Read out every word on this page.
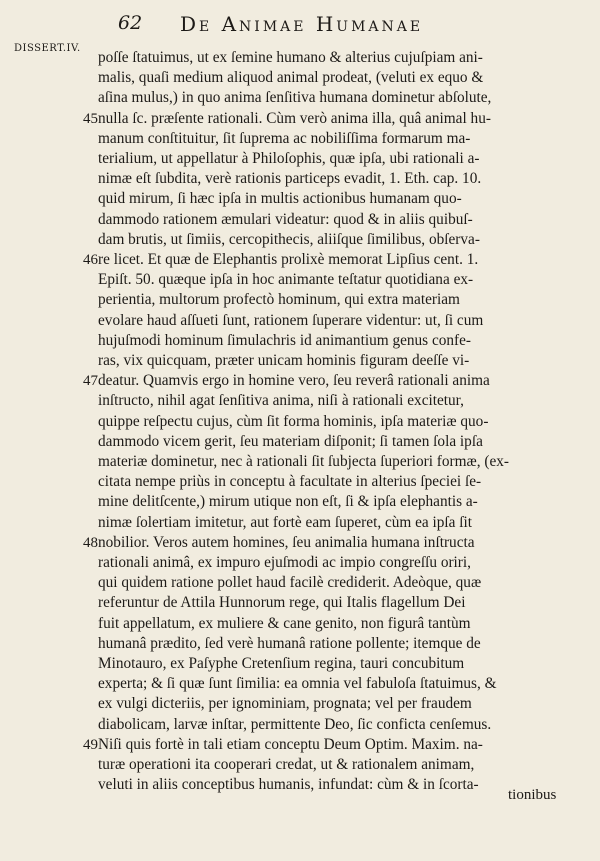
62 De Animae Humanae
DISSERT.IV.
poſſe ſtatuimus, ut ex ſemine humano & alterius cujuſpiam ani-
malis, quaſi medium aliquod animal prodeat, (veluti ex equo &
aſina mulus,) in quo anima ſenſitiva humana dominetur abſolute,
nulla ſc. præſente rationali. Cùm verò anima illa, quâ animal hu-
45
manum conſtituitur, ſit ſuprema ac nobiliſſima formarum ma-
terialium, ut appellatur à Philoſophis, quæ ipſa, ubi rationali a-
nimæ eſt ſubdita, verè rationis particeps evadit, 1. Eth. cap. 10.
quid mirum, ſi hæc ipſa in multis actionibus humanam quo-
dammodo rationem æmulari videatur: quod & in aliis quibuſ-
dam brutis, ut ſimiis, cercopithecis, aliiſque ſimilibus, obſerva-
re licet. Et quæ de Elephantis prolixè memorat Lipſius cent. 1.
46
Epiſt. 50. quæque ipſa in hoc animante teſtatur quotidiana ex-
perientia, multorum profectò hominum, qui extra materiam
evolare haud aſſueti ſunt, rationem ſuperare videntur: ut, ſi cum
hujuſmodi hominum ſimulachris id animantium genus confe-
ras, vix quicquam, præter unicam hominis figuram deeſſe vi-
deatur. Quamvis ergo in homine vero, ſeu reverâ rationali anima
47
inſtructo, nihil agat ſenſitiva anima, niſi à rationali excitetur,
quippe reſpectu cujus, cùm ſit forma hominis, ipſa materiæ quo-
dammodo vicem gerit, ſeu materiam diſponit; ſi tamen ſola ipſa
materiæ dominetur, nec à rationali ſit ſubjecta ſuperiori formæ, (ex-
citata nempe priùs in conceptu à facultate in alterius ſpeciei ſe-
mine delitſcente,) mirum utique non eſt, ſi & ipſa elephantis a-
nimæ ſolertiam imitetur, aut fortè eam ſuperet, cùm ea ipſa ſit
nobilior. Veros autem homines, ſeu animalia humana inſtructa
48
rationali animâ, ex impuro ejuſmodi ac impio congreſſu oriri,
qui quidem ratione pollet haud facilè crediderit. Adeòque, quæ
referuntur de Attila Hunnorum rege, qui Italis flagellum Dei
fuit appellatum, ex muliere & cane genito, non figurâ tantùm
humanâ prædito, ſed verè humanâ ratione pollente; itemque de
Minotauro, ex Paſyphe Cretenſium regina, tauri concubitum
experta; & ſi quæ ſunt ſimilia: ea omnia vel fabuloſa ſtatuimus, &
ex vulgi dicteriis, per ignominiam, prognata; vel per fraudem
diabolicam, larvæ inſtar, permittente Deo, ſic conficta cenſemus.
Niſi quis fortè in tali etiam conceptu Deum Optim. Maxim. na-
49
turæ operationi ita cooperari credat, ut & rationalem animam,
veluti in aliis conceptibus humanis, infundat: cùm & in ſcorta-
tionibus
